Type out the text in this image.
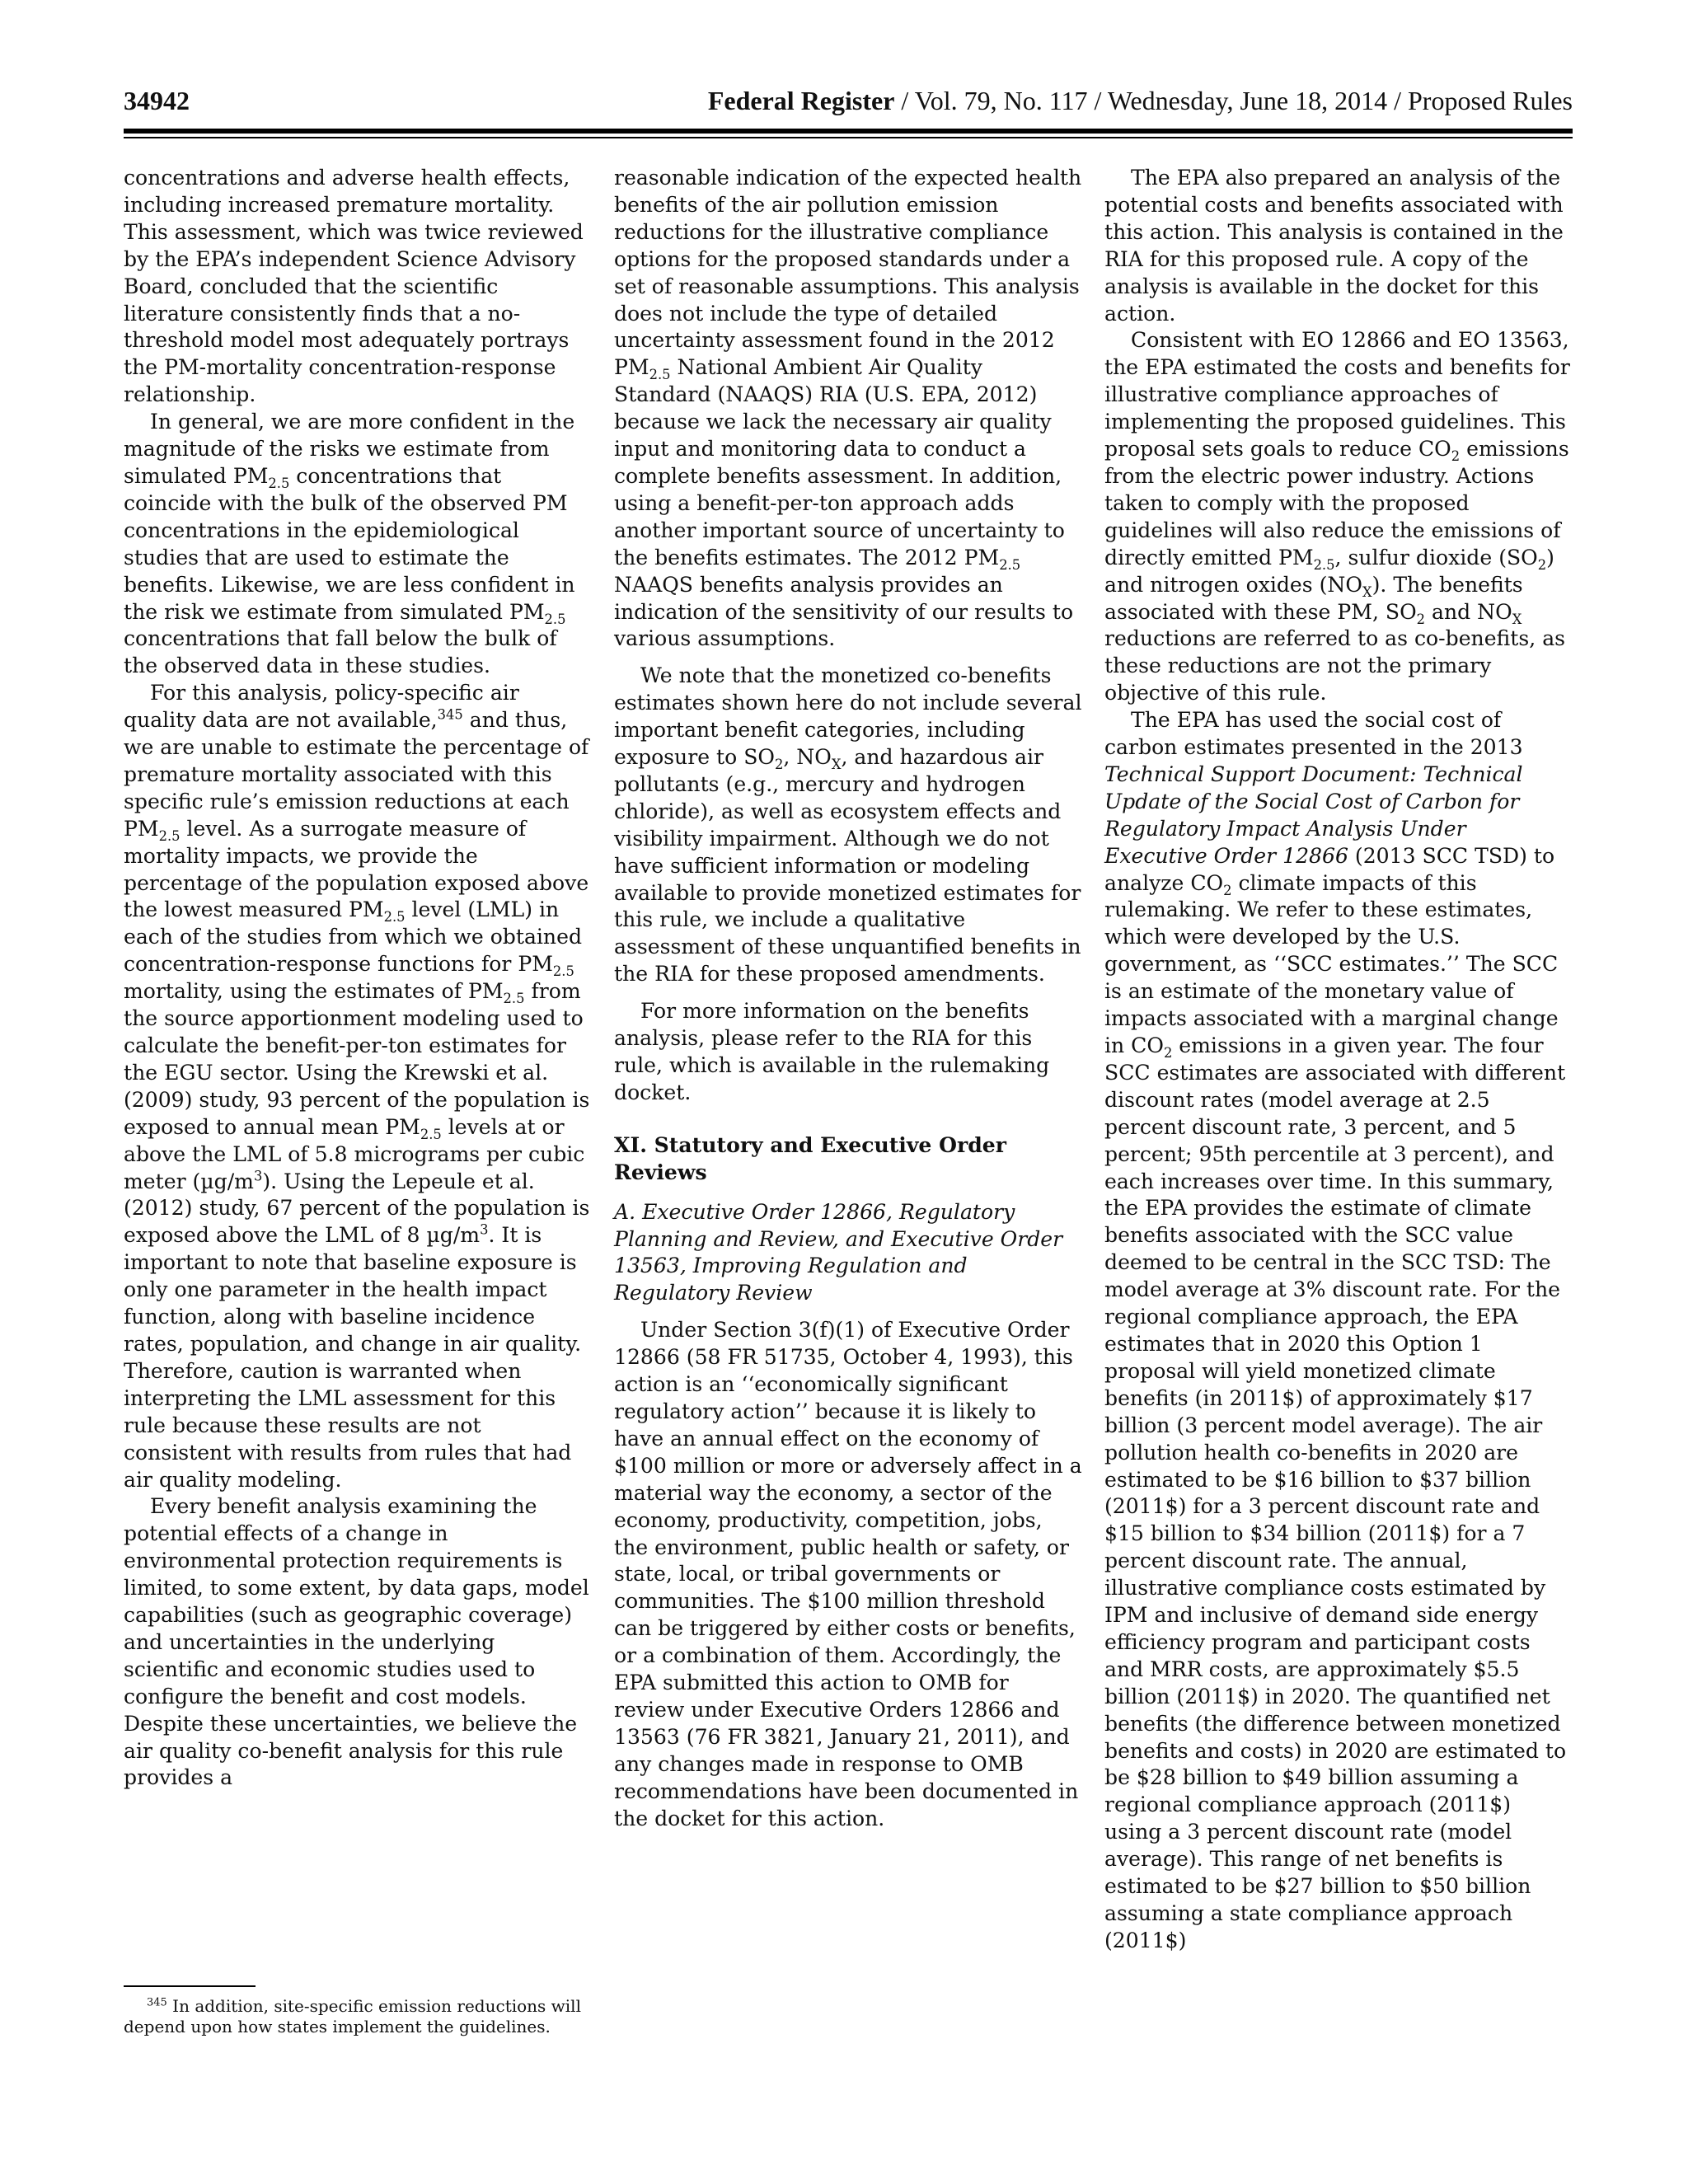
34942	Federal Register / Vol. 79, No. 117 / Wednesday, June 18, 2014 / Proposed Rules

concentrations and adverse health effects, including increased premature mortality. This assessment, which was twice reviewed by the EPA’s independent Science Advisory Board, concluded that the scientific literature consistently finds that a no-threshold model most adequately portrays the PM-mortality concentration-response relationship.

In general, we are more confident in the magnitude of the risks we estimate from simulated $PM_{2.5}$ concentrations that coincide with the bulk of the observed PM concentrations in the epidemiological studies that are used to estimate the benefits. Likewise, we are less confident in the risk we estimate from simulated $PM_{2.5}$ concentrations that fall below the bulk of the observed data in these studies.

For this analysis, policy-specific air quality data are not available,$^{345}$ and thus, we are unable to estimate the percentage of premature mortality associated with this specific rule’s emission reductions at each $PM_{2.5}$ level. As a surrogate measure of mortality impacts, we provide the percentage of the population exposed above the lowest measured $PM_{2.5}$ level (LML) in each of the studies from which we obtained concentration-response functions for $PM_{2.5}$ mortality, using the estimates of $PM_{2.5}$ from the source apportionment modeling used to calculate the benefit-per-ton estimates for the EGU sector. Using the Krewski et al. (2009) study, 93 percent of the population is exposed to annual mean $PM_{2.5}$ levels at or above the LML of 5.8 micrograms per cubic meter $(\mu g/m^3)$. Using the Lepeule et al. (2012) study, 67 percent of the population is exposed above the LML of 8 $\mu g/m^3$. It is important to note that baseline exposure is only one parameter in the health impact function, along with baseline incidence rates, population, and change in air quality. Therefore, caution is warranted when interpreting the LML assessment for this rule because these results are not consistent with results from rules that had air quality modeling.

Every benefit analysis examining the potential effects of a change in environmental protection requirements is limited, to some extent, by data gaps, model capabilities (such as geographic coverage) and uncertainties in the underlying scientific and economic studies used to configure the benefit and cost models. Despite these uncertainties, we believe the air quality co-benefit analysis for this rule provides a

$^{345}$ In addition, site-specific emission reductions will depend upon how states implement the guidelines.

reasonable indication of the expected health benefits of the air pollution emission reductions for the illustrative compliance options for the proposed standards under a set of reasonable assumptions. This analysis does not include the type of detailed uncertainty assessment found in the 2012 $PM_{2.5}$ National Ambient Air Quality Standard (NAAQS) RIA (U.S. EPA, 2012) because we lack the necessary air quality input and monitoring data to conduct a complete benefits assessment. In addition, using a benefit-per-ton approach adds another important source of uncertainty to the benefits estimates. The 2012 $PM_{2.5}$ NAAQS benefits analysis provides an indication of the sensitivity of our results to various assumptions.

We note that the monetized co-benefits estimates shown here do not include several important benefit categories, including exposure to $SO_2$, $NO_X$, and hazardous air pollutants (e.g., mercury and hydrogen chloride), as well as ecosystem effects and visibility impairment. Although we do not have sufficient information or modeling available to provide monetized estimates for this rule, we include a qualitative assessment of these unquantified benefits in the RIA for these proposed amendments.

For more information on the benefits analysis, please refer to the RIA for this rule, which is available in the rulemaking docket.

XI. Statutory and Executive Order Reviews
A. Executive Order 12866, Regulatory Planning and Review, and Executive Order 13563, Improving Regulation and Regulatory Review

Under Section 3(f)(1) of Executive Order 12866 (58 FR 51735, October 4, 1993), this action is an ‘‘economically significant regulatory action’’ because it is likely to have an annual effect on the economy of $100 million or more or adversely affect in a material way the economy, a sector of the economy, productivity, competition, jobs, the environment, public health or safety, or state, local, or tribal governments or communities. The $100 million threshold can be triggered by either costs or benefits, or a combination of them. Accordingly, the EPA submitted this action to OMB for review under Executive Orders 12866 and 13563 (76 FR 3821, January 21, 2011), and any changes made in response to OMB recommendations have been documented in the docket for this action.

The EPA also prepared an analysis of the potential costs and benefits associated with this action. This analysis is contained in the RIA for this proposed rule. A copy of the analysis is available in the docket for this action.

Consistent with EO 12866 and EO 13563, the EPA estimated the costs and benefits for illustrative compliance approaches of implementing the proposed guidelines. This proposal sets goals to reduce $CO_2$ emissions from the electric power industry. Actions taken to comply with the proposed guidelines will also reduce the emissions of directly emitted $PM_{2.5}$, sulfur dioxide $(SO_2)$ and nitrogen oxides $(NO_X)$. The benefits associated with these PM, $SO_2$ and $NO_X$ reductions are referred to as co-benefits, as these reductions are not the primary objective of this rule.

The EPA has used the social cost of carbon estimates presented in the 2013 Technical Support Document: Technical Update of the Social Cost of Carbon for Regulatory Impact Analysis Under Executive Order 12866 (2013 SCC TSD) to analyze $CO_2$ climate impacts of this rulemaking. We refer to these estimates, which were developed by the U.S. government, as ‘‘SCC estimates.’’ The SCC is an estimate of the monetary value of impacts associated with a marginal change in $CO_2$ emissions in a given year. The four SCC estimates are associated with different discount rates (model average at 2.5 percent discount rate, 3 percent, and 5 percent; 95th percentile at 3 percent), and each increases over time. In this summary, the EPA provides the estimate of climate benefits associated with the SCC value deemed to be central in the SCC TSD: The model average at 3% discount rate. For the regional compliance approach, the EPA estimates that in 2020 this Option 1 proposal will yield monetized climate benefits (in 2011$) of approximately $17 billion (3 percent model average). The air pollution health co-benefits in 2020 are estimated to be $16 billion to $37 billion (2011$) for a 3 percent discount rate and $15 billion to $34 billion (2011$) for a 7 percent discount rate. The annual, illustrative compliance costs estimated by IPM and inclusive of demand side energy efficiency program and participant costs and MRR costs, are approximately $5.5 billion (2011$) in 2020. The quantified net benefits (the difference between monetized benefits and costs) in 2020 are estimated to be $28 billion to $49 billion assuming a regional compliance approach (2011$) using a 3 percent discount rate (model average). This range of net benefits is estimated to be $27 billion to $50 billion assuming a state compliance approach (2011$)
